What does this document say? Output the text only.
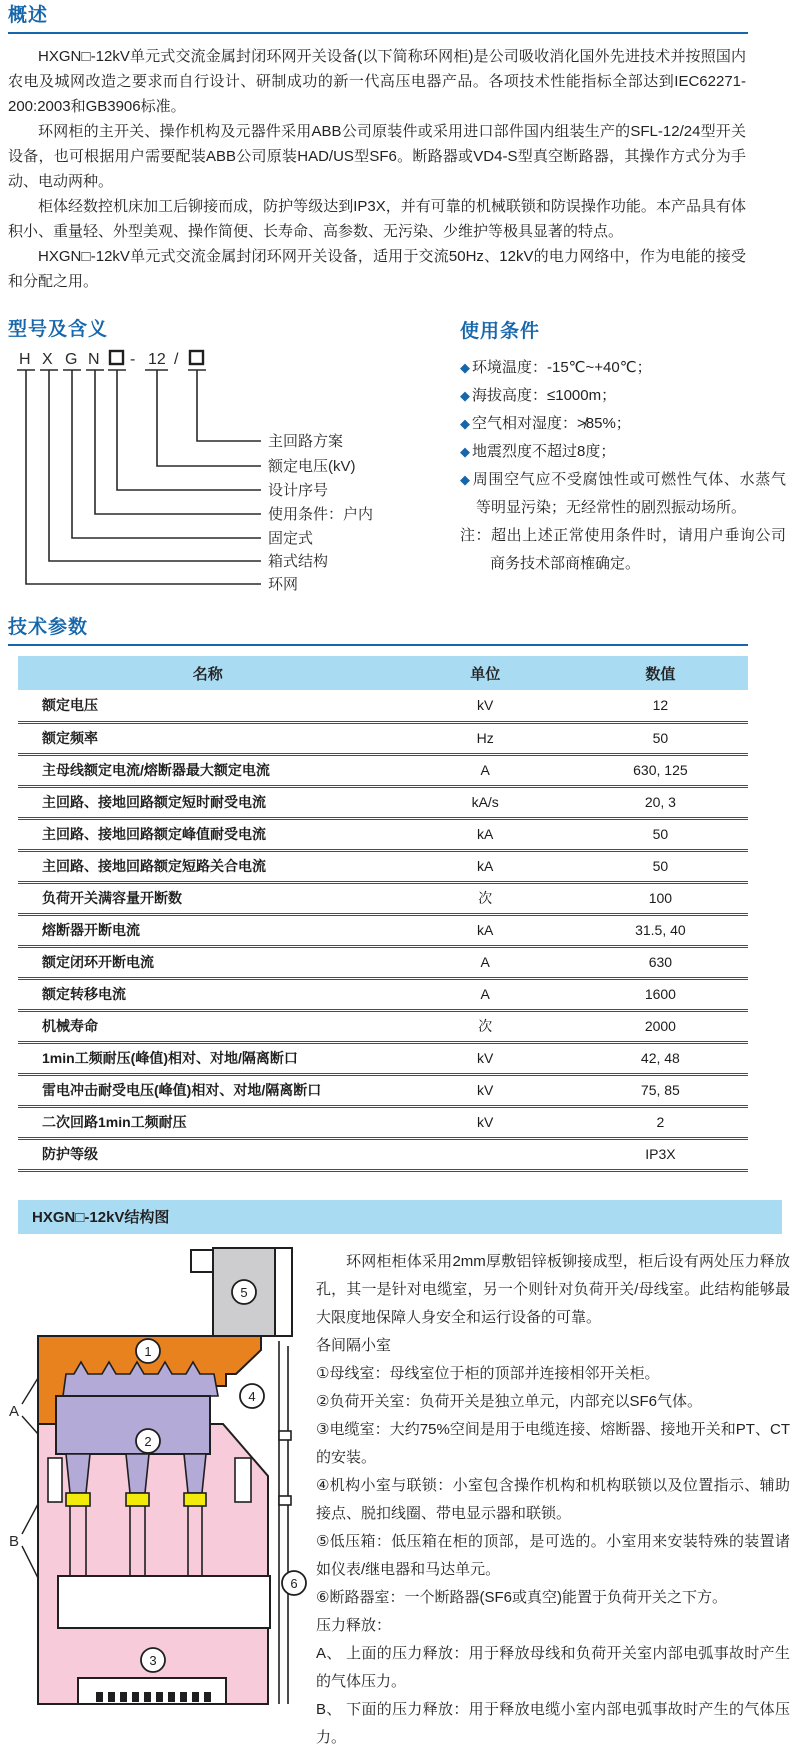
概述

HXGN□-12kV单元式交流金属封闭环网开关设备(以下简称环网柜)是公司吸收消化国外先进技术并按照国内农电及城网改造之要求而自行设计、研制成功的新一代高压电器产品。各项技术性能指标全部达到IEC62271-200:2003和GB3906标准。

环网柜的主开关、操作机构及元器件采用ABB公司原装件或采用进口部件国内组装生产的SFL-12/24型开关设备，也可根据用户需要配装ABB公司原装HAD/US型SF6。断路器或VD4-S型真空断路器，其操作方式分为手动、电动两种。

柜体经数控机床加工后铆接而成，防护等级达到IP3X，并有可靠的机械联锁和防误操作功能。本产品具有体积小、重量轻、外型美观、操作简便、长寿命、高参数、无污染、少维护等极具显著的特点。

HXGN□-12kV单元式交流金属封闭环网开关设备，适用于交流50Hz、12kV的电力网络中，作为电能的接受和分配之用。

型号及含义
H X G N - 12 /
主回路方案
额定电压(kV)
设计序号
使用条件：户内
固定式
箱式结构
环网
使用条件
◆ 环境温度：-15℃~+40℃；
◆ 海拔高度：≤1000m；
◆ 空气相对湿度：≯85%；
◆ 地震烈度不超过8度；
◆ 周围空气应不受腐蚀性或可燃性气体、水蒸气等明显污染；无经常性的剧烈振动场所。

注：超出上述正常使用条件时，请用户垂询公司商务技术部商榷确定。

技术参数
名称	单位	数值
额定电压	kV	12
额定频率	Hz	50
主母线额定电流/熔断器最大额定电流	A	630, 125
主回路、接地回路额定短时耐受电流	kA/s	20, 3
主回路、接地回路额定峰值耐受电流	kA	50
主回路、接地回路额定短路关合电流	kA	50
负荷开关满容量开断数	次	100
熔断器开断电流	kA	31.5, 40
额定闭环开断电流	A	630
额定转移电流	A	1600
机械寿命	次	2000
1min工频耐压(峰值)相对、对地/隔离断口	kV	42, 48
雷电冲击耐受电压(峰值)相对、对地/隔离断口	kV	75, 85
二次回路1min工频耐压	kV	2
防护等级		IP3X
HXGN□-12kV结构图
1
2
3
4
5
6
A
B

环网柜柜体采用2mm厚敷铝锌板铆接成型，柜后设有两处压力释放孔，其一是针对电缆室，另一个则针对负荷开关/母线室。此结构能够最大限度地保障人身安全和运行设备的可靠。

各间隔小室

①母线室：母线室位于柜的顶部并连接相邻开关柜。

②负荷开关室：负荷开关是独立单元，内部充以SF6气体。

③电缆室：大约75%空间是用于电缆连接、熔断器、接地开关和PT、CT的安装。

④机构小室与联锁：小室包含操作机构和机构联锁以及位置指示、辅助接点、脱扣线圈、带电显示器和联锁。

⑤低压箱：低压箱在柜的顶部，是可选的。小室用来安装特殊的装置诸如仪表/继电器和马达单元。

⑥断路器室：一个断路器(SF6或真空)能置于负荷开关之下方。

压力释放：

A、 上面的压力释放：用于释放母线和负荷开关室内部电弧事故时产生的气体压力。

B、 下面的压力释放：用于释放电缆小室内部电弧事故时产生的气体压力。
